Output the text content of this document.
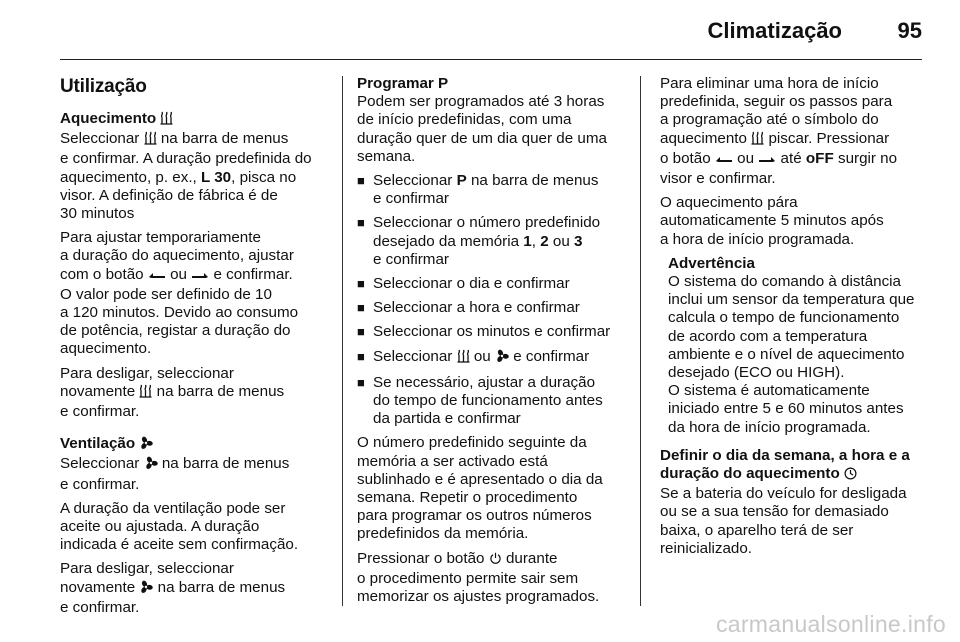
Climatização	95
Utilização
Aquecimento

Seleccionar na barra de menus
e confirmar. A duração predefinida do
aquecimento, p. ex., L 30, pisca no
visor. A definição de fábrica é de
30 minutos

Para ajustar temporariamente
a duração do aquecimento, ajustar
com o botão ou e confirmar.
O valor pode ser definido de 10
a 120 minutos. Devido ao consumo
de potência, registar a duração do
aquecimento.

Para desligar, seleccionar
novamente na barra de menus
e confirmar.

Ventilação

Seleccionar na barra de menus
e confirmar.

A duração da ventilação pode ser
aceite ou ajustada. A duração
indicada é aceite sem confirmação.

Para desligar, seleccionar
novamente na barra de menus
e confirmar.

Programar P

Podem ser programados até 3 horas
de início predefinidas, com uma
duração quer de um dia quer de uma
semana.

■ Seleccionar P na barra de menus
e confirmar
■ Seleccionar o número predefinido
desejado da memória 1, 2 ou 3
e confirmar
■ Seleccionar o dia e confirmar
■ Seleccionar a hora e confirmar
■ Seleccionar os minutos e confirmar
■ Seleccionar ou e confirmar
■ Se necessário, ajustar a duração
do tempo de funcionamento antes
da partida e confirmar

O número predefinido seguinte da
memória a ser activado está
sublinhado e é apresentado o dia da
semana. Repetir o procedimento
para programar os outros números
predefinidos da memória.

Pressionar o botão durante
o procedimento permite sair sem
memorizar os ajustes programados.

Para eliminar uma hora de início
predefinida, seguir os passos para
a programação até o símbolo do
aquecimento piscar. Pressionar
o botão ou até oFF surgir no
visor e confirmar.

O aquecimento pára
automaticamente 5 minutos após
a hora de início programada.

Advertência
O sistema do comando à distância
inclui um sensor da temperatura que
calcula o tempo de funcionamento
de acordo com a temperatura
ambiente e o nível de aquecimento
desejado (ECO ou HIGH).
O sistema é automaticamente
iniciado entre 5 e 60 minutos antes
da hora de início programada.
Definir o dia da semana, a hora e a
duração do aquecimento

Se a bateria do veículo for desligada
ou se a sua tensão for demasiado
baixa, o aparelho terá de ser
reinicializado.

carmanualsonline.info
